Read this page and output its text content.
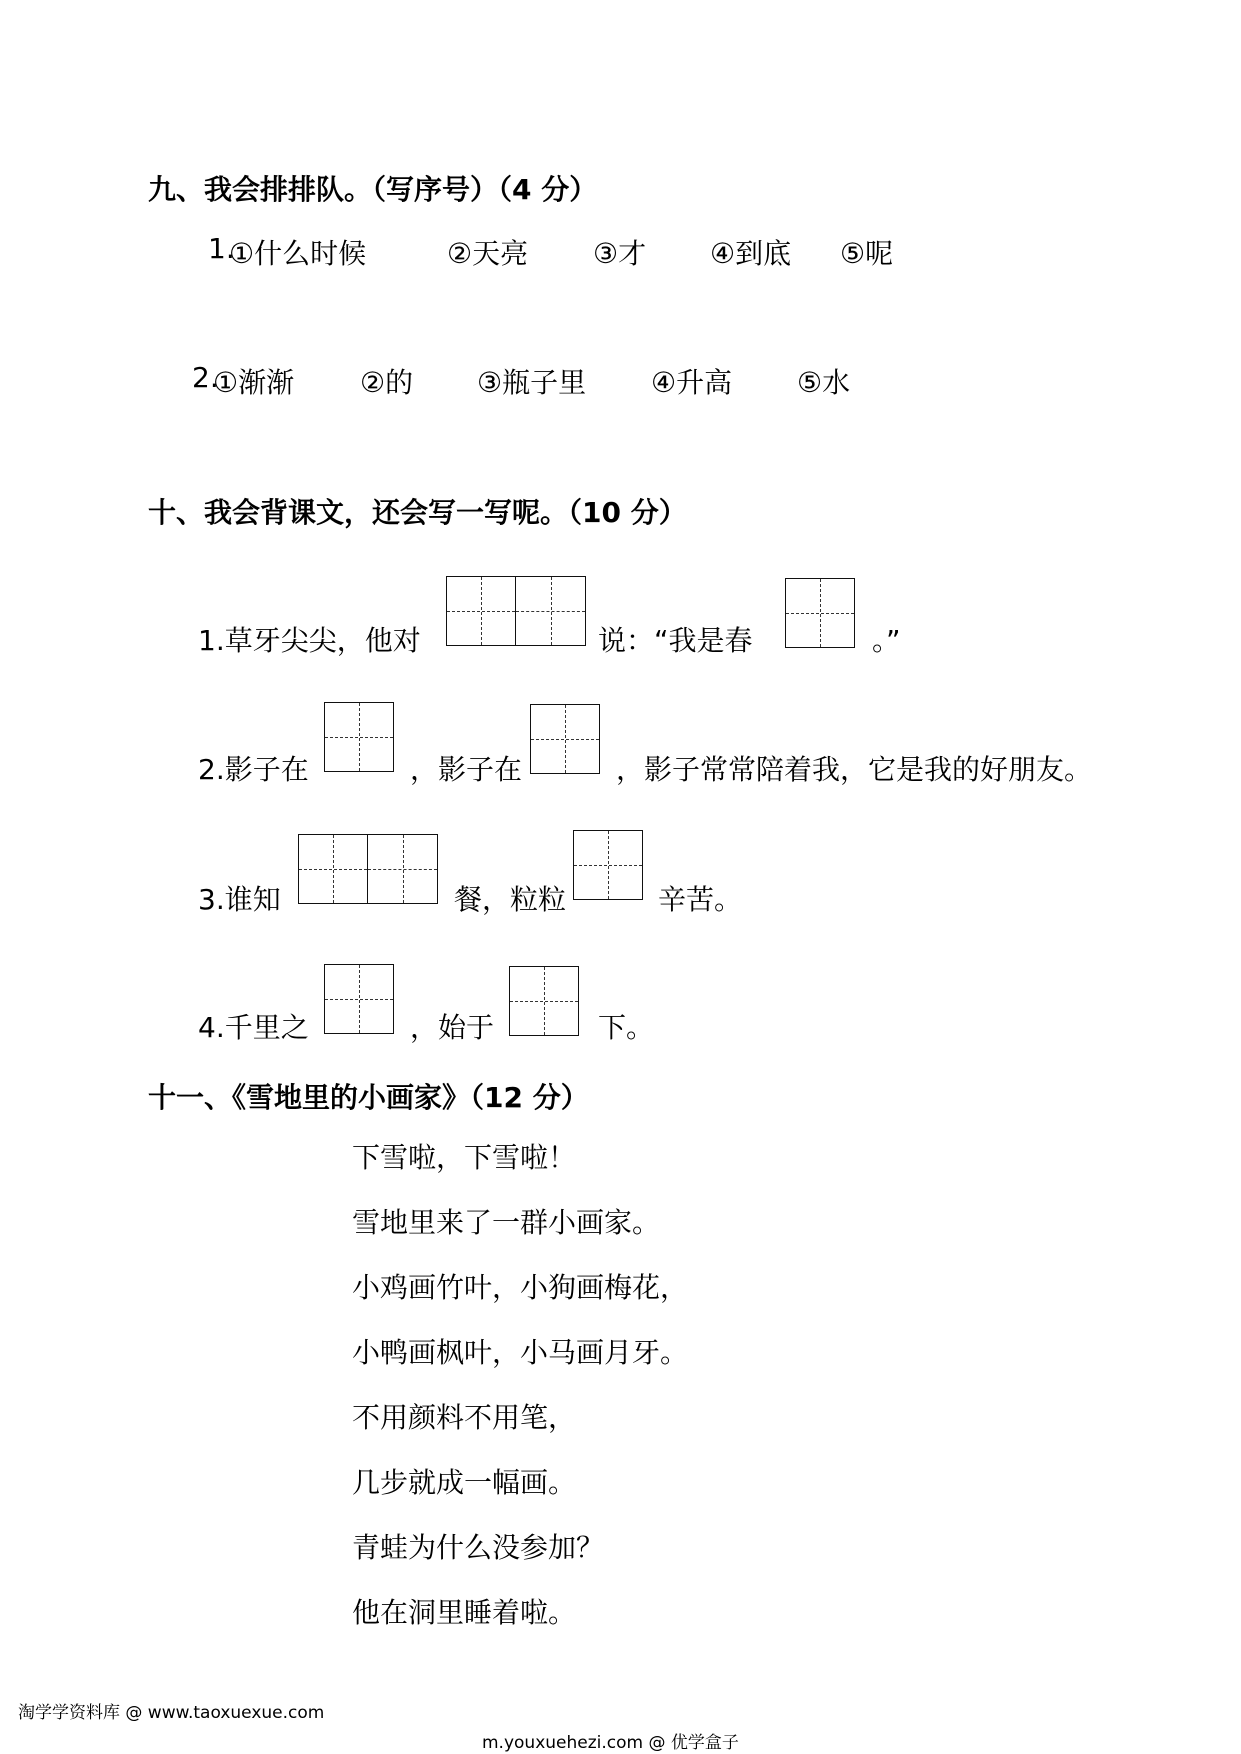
九、我会排排队。（写序号）（4 分）
1.
①什么时候	②天亮 ③才 ④到底 ⑤呢
2.
①渐渐 ②的 ③瓶子里 ④升高 ⑤水
十、我会背课文，还会写一写呢。（10 分）
1.草牙尖尖，他对	说：“我是春	。”
2.影子在	，影子在	，影子常常陪着我，它是我的好朋友。
3.谁知	餐，粒粒	辛苦。
4.千里之	，始于	下。
十一、《雪地里的小画家》（12 分）
下雪啦，下雪啦！
雪地里来了一群小画家。
小鸡画竹叶，小狗画梅花，
小鸭画枫叶，小马画月牙。
不用颜料不用笔，
几步就成一幅画。
青蛙为什么没参加？
他在洞里睡着啦。
淘学学资料库 @ www.taoxuexue.com
m.youxuehezi.com @ 优学盒子
